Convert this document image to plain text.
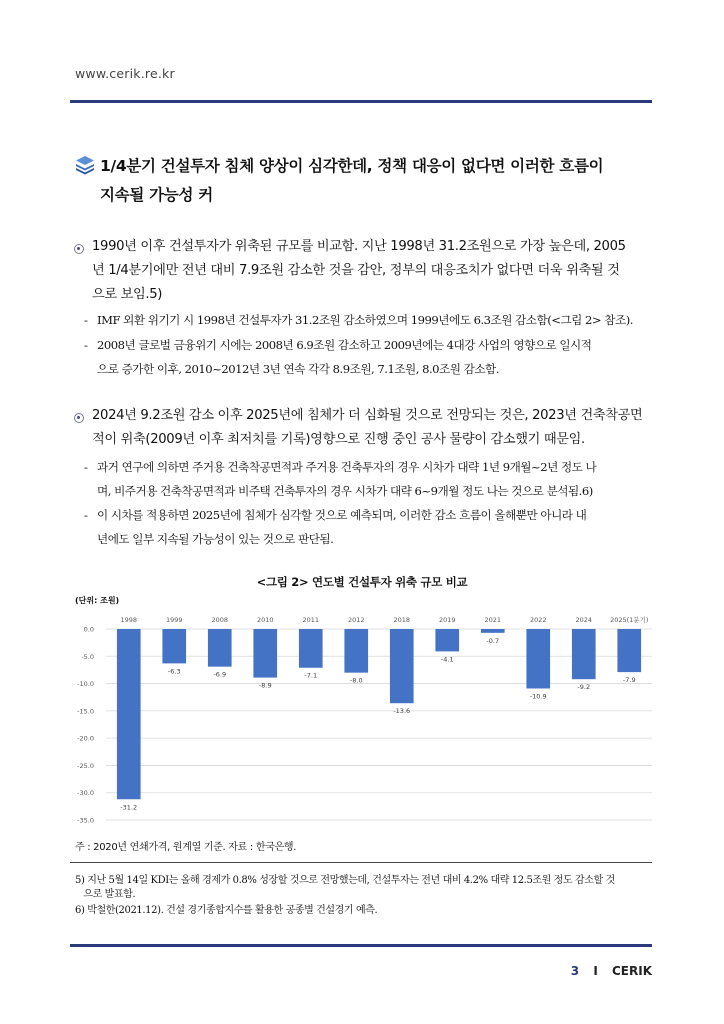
www.cerik.re.kr
1/4분기 건설투자 침체 양상이 심각한데, 정책 대응이 없다면 이러한 흐름이
지속될 가능성 커
1990년 이후 건설투자가 위축된 규모를 비교함. 지난 1998년 31.2조원으로 가장 높은데, 2005
년 1/4분기에만 전년 대비 7.9조원 감소한 것을 감안, 정부의 대응조치가 없다면 더욱 위축될 것
으로 보임.5)
- IMF 외환 위기기 시 1998년 건설투자가 31.2조원 감소하였으며 1999년에도 6.3조원 감소함(<그림 2> 참조).
- 2008년 글로벌 금융위기 시에는 2008년 6.9조원 감소하고 2009년에는 4대강 사업의 영향으로 일시적
으로 증가한 이후, 2010~2012년 3년 연속 각각 8.9조원, 7.1조원, 8.0조원 감소함.
2024년 9.2조원 감소 이후 2025년에 침체가 더 심화될 것으로 전망되는 것은, 2023년 건축착공면
적이 위축(2009년 이후 최저치를 기록)영향으로 진행 중인 공사 물량이 감소했기 때문임.
- 과거 연구에 의하면 주거용 건축착공면적과 주거용 건축투자의 경우 시차가 대략 1년 9개월~2년 정도 나
며, 비주거용 건축착공면적과 비주택 건축투자의 경우 시차가 대략 6~9개월 정도 나는 것으로 분석됨.6)
- 이 시차를 적용하면 2025년에 침체가 심각할 것으로 예측되며, 이러한 감소 흐름이 올해뿐만 아니라 내
년에도 일부 지속될 가능성이 있는 것으로 판단됨.
<그림 2> 연도별 건설투자 위축 규모 비교
(단위: 조원)
0.0
-5.0
-10.0
-15.0
-20.0
-25.0
-30.0
-35.0
1998
-31.2
1999
-6.3
2008
-6.9
2010
-8.9
2011
-7.1
2012
-8.0
2018
-13.6
2019
-4.1
2021
-0.7
2022
-10.9
2024
-9.2
2025(1분기)
-7.9
주 : 2020년 연쇄가격, 원계열 기준. 자료 : 한국은행.
5) 지난 5월 14일 KDI는 올해 경제가 0.8% 성장할 것으로 전망했는데, 건설투자는 전년 대비 4.2% 대략 12.5조원 정도 감소할 것
으로 발표함.
6) 박철한(2021.12). 건설 경기종합지수를 활용한 공종별 건설경기 예측.
3 I CERIK
